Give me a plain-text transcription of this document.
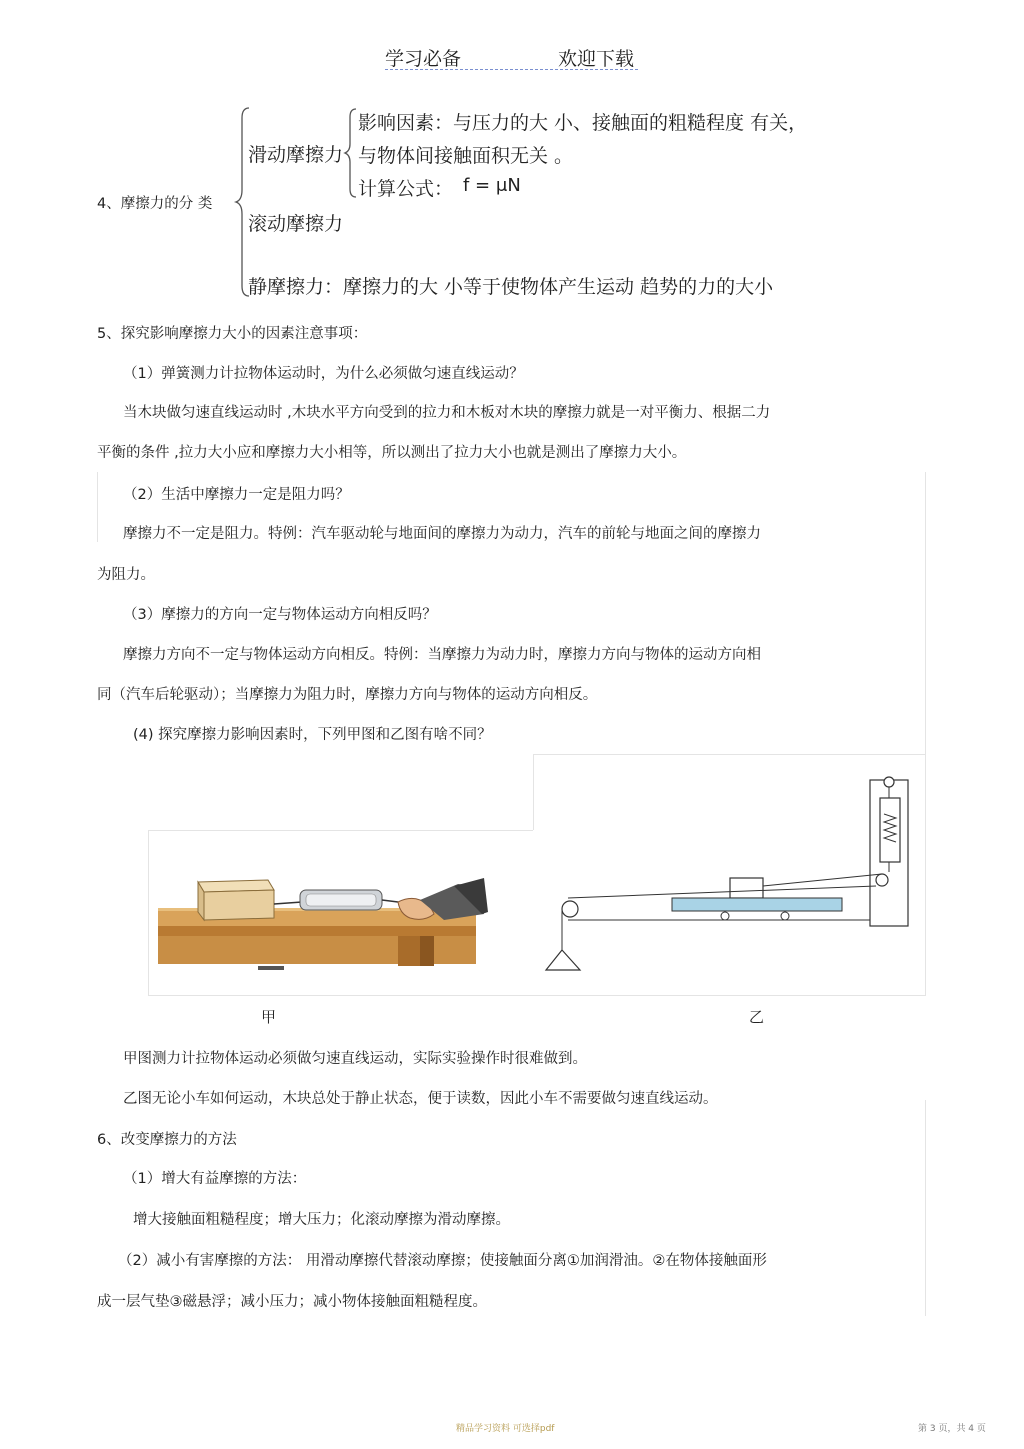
学习必备	欢迎下载
4、摩擦力的分 类
滑动摩擦力
影响因素：与压力的大 小、接触面的粗糙程度 有关，
与物体间接触面积无关 。
计算公式： f = μN
滚动摩擦力
静摩擦力：摩擦力的大 小等于使物体产生运动 趋势的力的大小
5、探究影响摩擦力大小的因素注意事项：
（1）弹簧测力计拉物体运动时，为什么必须做匀速直线运动？
当木块做匀速直线运动时 ,木块水平方向受到的拉力和木板对木块的摩擦力就是一对平衡力、根据二力
平衡的条件 ,拉力大小应和摩擦力大小相等，所以测出了拉力大小也就是测出了摩擦力大小。
（2）生活中摩擦力一定是阻力吗？
摩擦力不一定是阻力。特例：汽车驱动轮与地面间的摩擦力为动力，汽车的前轮与地面之间的摩擦力
为阻力。
（3）摩擦力的方向一定与物体运动方向相反吗？
摩擦力方向不一定与物体运动方向相反。特例：当摩擦力为动力时，摩擦力方向与物体的运动方向相
同（汽车后轮驱动）；当摩擦力为阻力时，摩擦力方向与物体的运动方向相反。
(4) 探究摩擦力影响因素时，下列甲图和乙图有啥不同？
甲	乙
甲图测力计拉物体运动必须做匀速直线运动，实际实验操作时很难做到。
乙图无论小车如何运动，木块总处于静止状态，便于读数，因此小车不需要做匀速直线运动。
6、改变摩擦力的方法
（1）增大有益摩擦的方法：
增大接触面粗糙程度；增大压力；化滚动摩擦为滑动摩擦。
（2）减小有害摩擦的方法： 用滑动摩擦代替滚动摩擦；使接触面分离①加润滑油。②在物体接触面形
成一层气垫③磁悬浮；减小压力；减小物体接触面粗糙程度。
精品学习资料 可选择pdf	第 3 页，共 4 页
